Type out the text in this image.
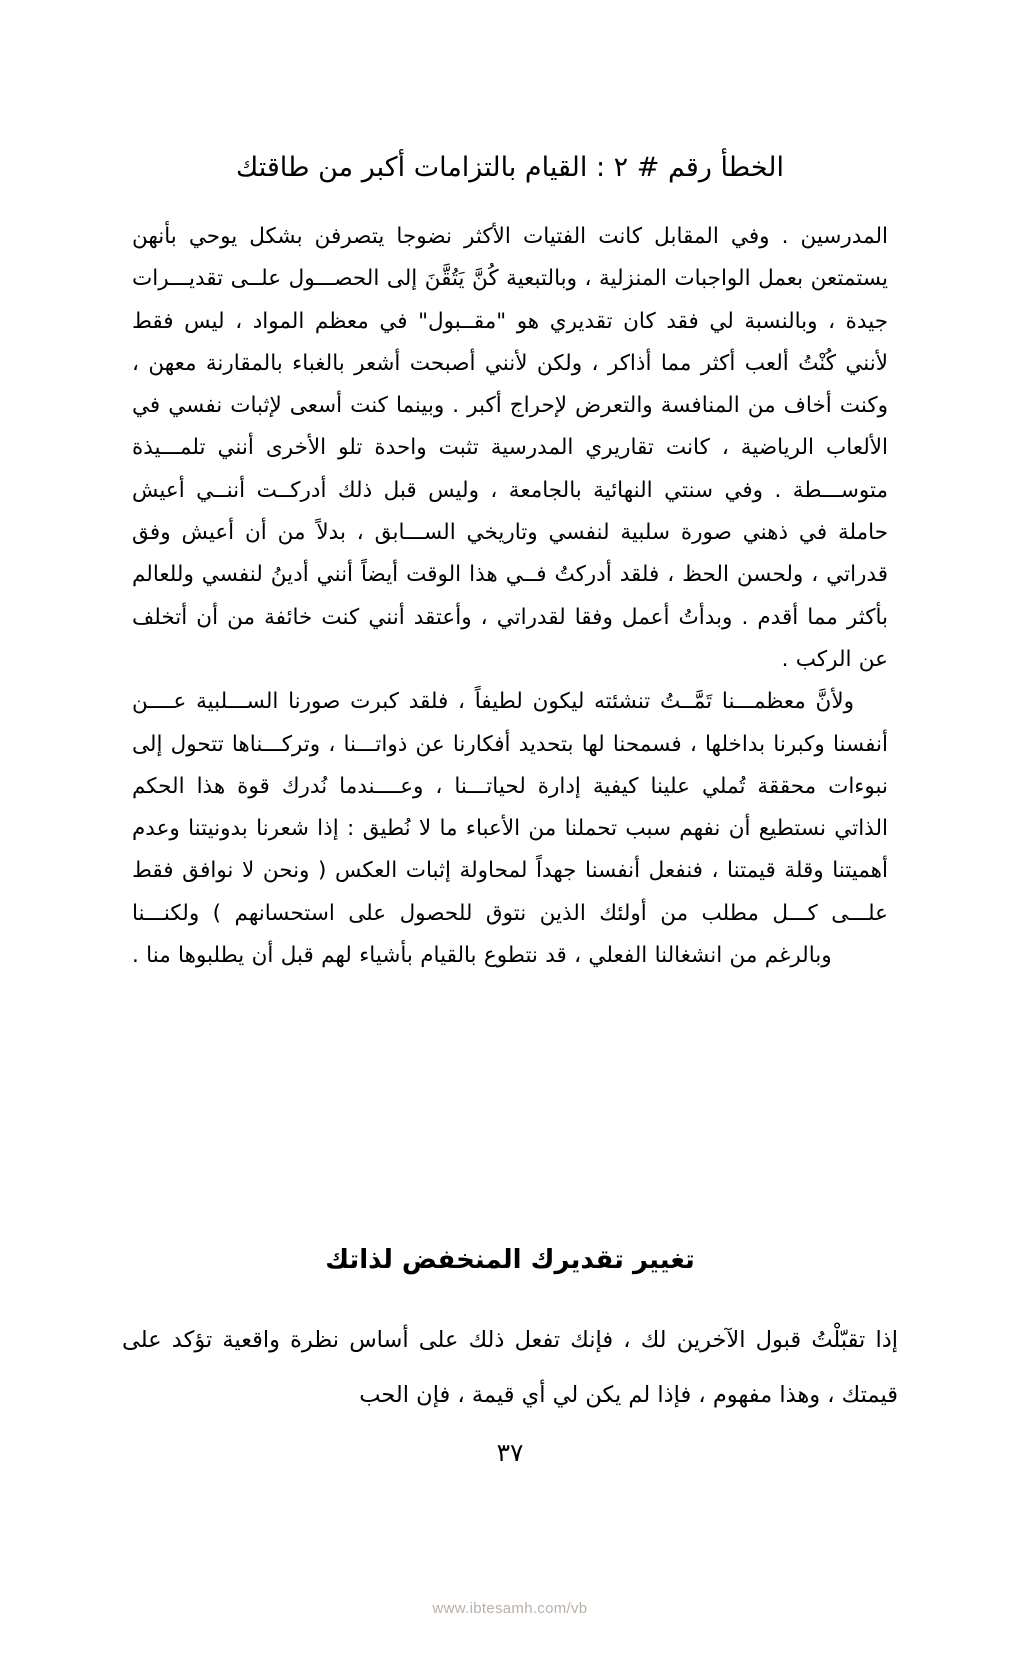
الخطأ رقم # ٢ : القيام بالتزامات أكبر من طاقتك

المدرسين . وفي المقابل كانت الفتيات الأكثر نضوجا يتصرفن بشكل يوحي بأنهن يستمتعن بعمل الواجبات المنزلية ، وبالتبعية كُنَّ يَتُقَّنَ إلى الحصـــول علــى تقديـــرات جيدة ، وبالنسبة لي فقد كان تقديري هو "مقــبول" في معظم المواد ، ليس فقط لأنني كُنْتُ ألعب أكثر مما أذاكر ، ولكن لأنني أصبحت أشعر بالغباء بالمقارنة معهن ، وكنت أخاف من المنافسة والتعرض لإحراج أكبر . وبينما كنت أسعى لإثبات نفسي في الألعاب الرياضية ، كانت تقاريري المدرسية تثبت واحدة تلو الأخرى أنني تلمـــيذة متوســـطة . وفي سنتي النهائية بالجامعة ، وليس قبل ذلك أدركــت أننــي أعيش حاملة في ذهني صورة سلبية لنفسي وتاريخي الســـابق ، بدلاً من أن أعيش وفق قدراتي ، ولحسن الحظ ، فلقد أدركتُ فــي هذا الوقت أيضاً أنني أدينُ لنفسي وللعالم بأكثر مما أقدم . وبدأتُ أعمل وفقا لقدراتي ، وأعتقد أنني كنت خائفة من أن أتخلف عن الركب .

ولأنَّ معظمـــنا تَمَّــتُ تنشئته ليكون لطيفاً ، فلقد كبرت صورنا الســـلبية عــــن أنفسنا وكبرنا بداخلها ، فسمحنا لها بتحديد أفكارنا عن ذواتـــنا ، وتركـــناها تتحول إلى نبوءات محققة تُملي علينا كيفية إدارة لحياتـــنا ، وعــــندما نُدرك قوة هذا الحكم الذاتي نستطيع أن نفهم سبب تحملنا من الأعباء ما لا نُطيق : إذا شعرنا بدونيتنا وعدم أهميتنا وقلة قيمتنا ، فنفعل أنفسنا جهداً لمحاولة إثبات العكس ( ونحن لا نوافق فقط علـــى كـــل مطلب من أولئك الذين نتوق للحصول على استحسانهم ) ولكنـــنا وبالرغم من انشغالنا الفعلي ، قد نتطوع بالقيام بأشياء لهم قبل أن يطلبوها منا .

تغيير تقديرك المنخفض لذاتك

إذا تقبّلْتُ قبول الآخرين لك ، فإنك تفعل ذلك على أساس نظرة واقعية تؤكد على قيمتك ، وهذا مفهوم ، فإذا لم يكن لي أي قيمة ، فإن الحب

٣٧
www.ibtesamh.com/vb
